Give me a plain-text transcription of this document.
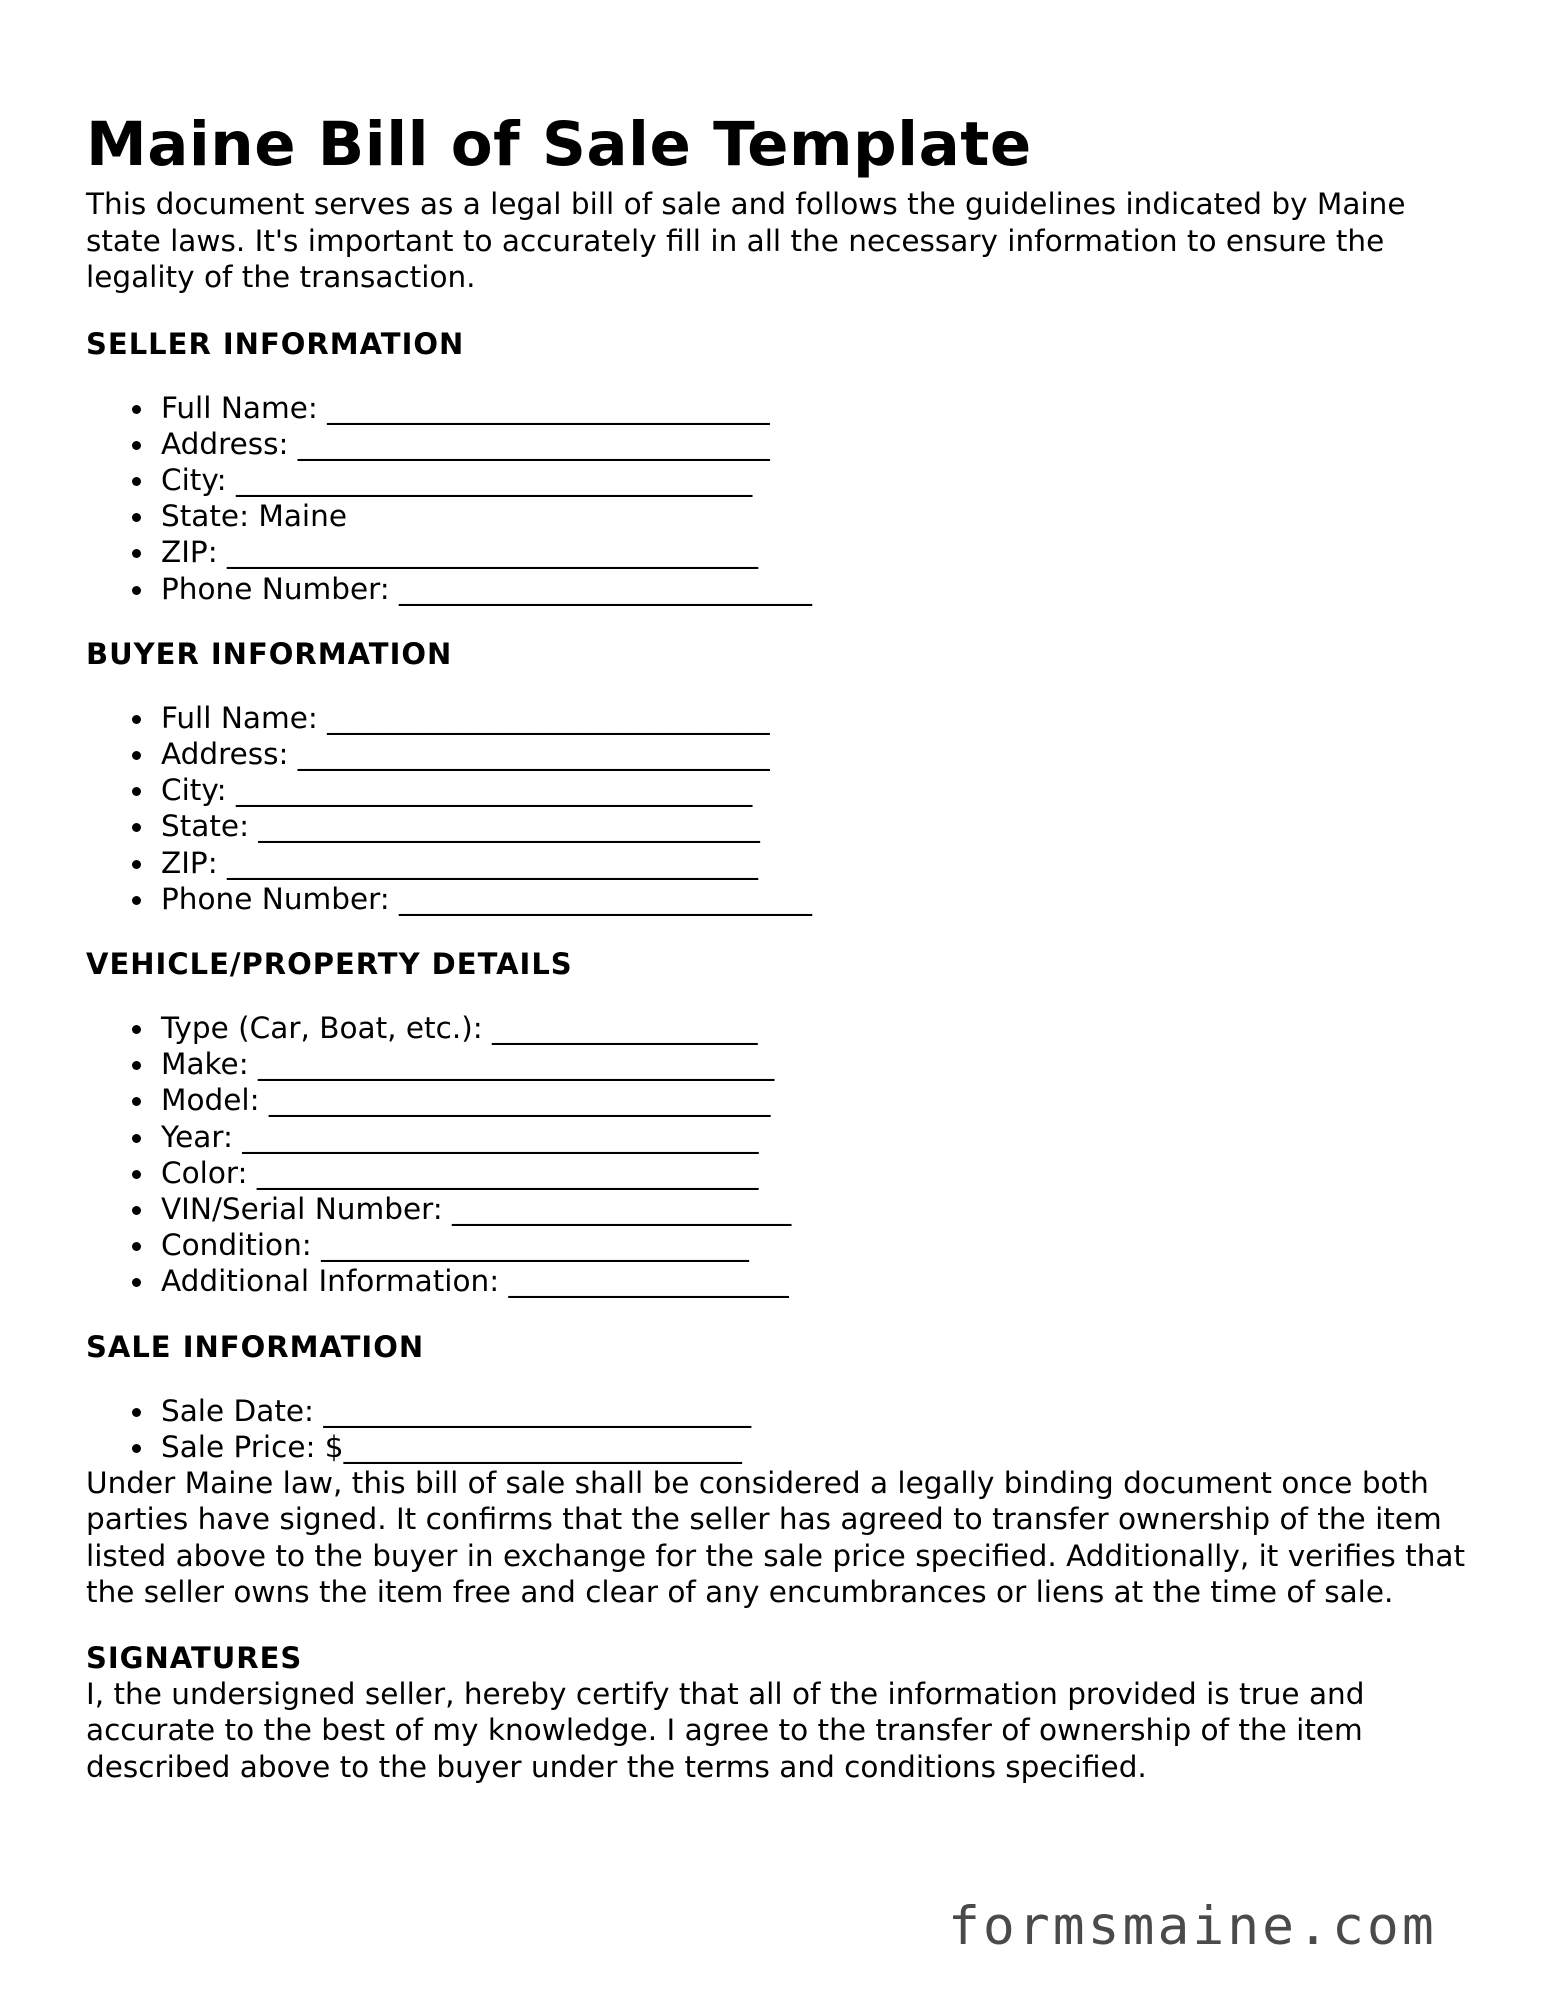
Maine Bill of Sale Template

This document serves as a legal bill of sale and follows the guidelines indicated by Maine state laws. It's important to accurately fill in all the necessary information to ensure the legality of the transaction.

SELLER INFORMATION
Full Name: ______________________________
Address: ________________________________
City: ___________________________________
State: Maine
ZIP: ____________________________________
Phone Number: ____________________________
BUYER INFORMATION
Full Name: ______________________________
Address: ________________________________
City: ___________________________________
State: __________________________________
ZIP: ____________________________________
Phone Number: ____________________________
VEHICLE/PROPERTY DETAILS
Type (Car, Boat, etc.): __________________
Make: ___________________________________
Model: __________________________________
Year: ___________________________________
Color: __________________________________
VIN/Serial Number: _______________________
Condition: _____________________________
Additional Information: ___________________
SALE INFORMATION
Sale Date: _____________________________
Sale Price: $___________________________

Under Maine law, this bill of sale shall be considered a legally binding document once both parties have signed. It confirms that the seller has agreed to transfer ownership of the item listed above to the buyer in exchange for the sale price specified. Additionally, it verifies that the seller owns the item free and clear of any encumbrances or liens at the time of sale.

SIGNATURES

I, the undersigned seller, hereby certify that all of the information provided is true and accurate to the best of my knowledge. I agree to the transfer of ownership of the item described above to the buyer under the terms and conditions specified.

formsmaine.com
